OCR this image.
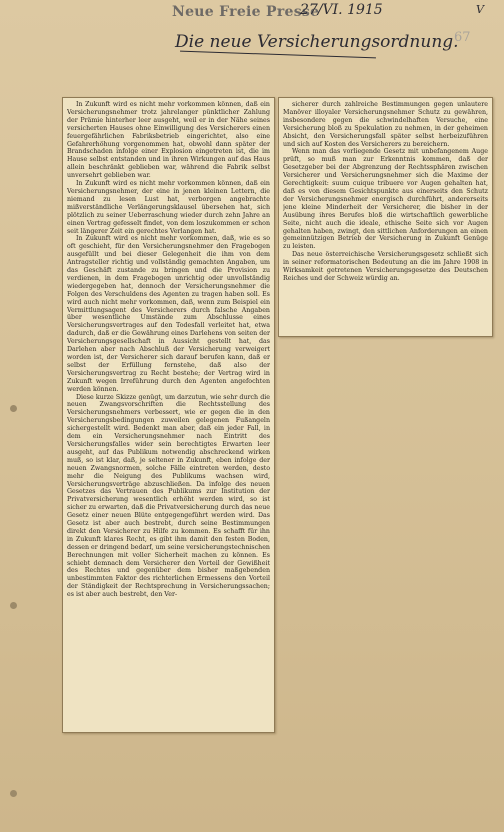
Neue Freie Presse
27/VI. 1915	V
67
Die neue Versicherungsordnung.

In Zukunft wird es nicht mehr vorkommen können, daß ein Versicherungsnehmer trotz jahrelanger pünktlicher Zahlung der Prämie hinterher leer ausgeht, weil er in der Nähe seines versicherten Hauses ohne Einwilligung des Versicherers einen feuergefährlichen Fabriksbetrieb eingerichtet, also eine Gefahrerhöhung vorgenommen hat, obwohl dann später der Brandschaden infolge einer Explosion eingetreten ist, die im Hause selbst entstanden und in ihren Wirkungen auf das Haus allein beschränkt geblieben war, während die Fabrik selbst unversehrt geblieben war.

In Zukunft wird es nicht mehr vorkommen können, daß ein Versicherungsnehmer, der eine in jenen kleinen Lettern, die niemand zu lesen Lust hat, verborgen angebrachte mißverständliche Verlängerungsklausel übersehen hat, sich plötzlich zu seiner Ueberraschung wieder durch zehn Jahre an einen Vertrag gefesselt findet, von dem loszukommen er schon seit längerer Zeit ein gerechtes Verlangen hat.

In Zukunft wird es nicht mehr vorkommen, daß, wie es so oft geschieht, für den Versicherungsnehmer den Fragebogen ausgefüllt und bei dieser Gelegenheit die ihm von dem Antragsteller richtig und vollständig gemachten Angaben, um das Geschäft zustande zu bringen und die Provision zu verdienen, in dem Fragebogen unrichtig oder unvollständig wiedergegeben hat, dennoch der Versicherungsnehmer die Folgen des Verschuldens des Agenten zu tragen haben soll. Es wird auch nicht mehr vorkommen, daß, wenn zum Beispiel ein Vermittlungsagent des Versicherers durch falsche Angaben über wesentliche Umstände zum Abschlusse eines Versicherungsvertrages auf den Todesfall verleitet hat, etwa dadurch, daß er die Gewährung eines Darlehens von seiten der Versicherungsgesellschaft in Aussicht gestellt hat, das Darlehen aber nach Abschluß der Versicherung verweigert worden ist, der Versicherer sich darauf berufen kann, daß er selbst der Erfüllung fernstehe, daß also der Versicherungsvertrag zu Recht bestehe; der Vertrag wird in Zukunft wegen Irreführung durch den Agenten angefochten werden können.

Diese kurze Skizze genügt, um darzutun, wie sehr durch die neuen Zwangsvorschriften die Rechtsstellung des Versicherungsnehmers verbessert, wie er gegen die in den Versicherungsbedingungen zuweilen gelegenen Fußangeln sichergestellt wird. Bedenkt man aber, daß ein jeder Fall, in dem ein Versicherungsnehmer nach Eintritt des Versicherungsfalles wider sein berechtigtes Erwarten leer ausgeht, auf das Publikum notwendig abschreckend wirken muß, so ist klar, daß, je seltener in Zukunft, eben infolge der neuen Zwangsnormen, solche Fälle eintreten werden, desto mehr die Neigung des Publikums wachsen wird, Versicherungsverträge abzuschließen. Da infolge des neuen Gesetzes das Vertrauen des Publikums zur Institution der Privatversicherung wesentlich erhöht werden wird, so ist sicher zu erwarten, daß die Privatversicherung durch das neue Gesetz einer neuen Blüte entgegengeführt werden wird. Das Gesetz ist aber auch bestrebt, durch seine Bestimmungen direkt den Versicherer zu Hilfe zu kommen. Es schafft für ihn in Zukunft klares Recht, es gibt ihm damit den festen Boden, dessen er dringend bedarf, um seine versicherungstechnischen Berechnungen mit voller Sicherheit machen zu können. Es schiebt demnach dem Versicherer den Vorteil der Gewißheit des Rechtes und gegenüber dem bisher maßgebenden unbestimmten Faktor des richterlichen Ermessens den Vorteil der Ständigkeit der Rechtsprechung in Versicherungssachen; es ist aber auch bestrebt, den Ver-

sicherer durch zahlreiche Bestimmungen gegen unlautere Manöver illoyaler Versicherungsnehmer Schutz zu gewähren, insbesondere gegen die schwindelhaften Versuche, eine Versicherung bloß zu Spekulation zu nehmen, in der geheimen Absicht, den Versicherungsfall später selbst herbeizuführen und sich auf Kosten des Versicherers zu bereichern.

Wenn man das vorliegende Gesetz mit unbefangenem Auge prüft, so muß man zur Erkenntnis kommen, daß der Gesetzgeber bei der Abgrenzung der Rechtssphären zwischen Versicherer und Versicherungsnehmer sich die Maxime der Gerechtigkeit: suum cuique tribuere vor Augen gehalten hat, daß es von diesem Gesichtspunkte aus einerseits den Schutz der Versicherungsnehmer energisch durchführt, andererseits jene kleine Minderheit der Versicherer, die bisher in der Ausübung ihres Berufes bloß die wirtschaftlich gewerbliche Seite, nicht auch die ideale, ethische Seite sich vor Augen gehalten haben, zwingt, den sittlichen Anforderungen an einen gemeinnützigen Betrieb der Versicherung in Zukunft Genüge zu leisten.

Das neue österreichische Versicherungsgesetz schließt sich in seiner reformatorischen Bedeutung an die im Jahre 1908 in Wirksamkeit getretenen Versicherungsgesetze des Deutschen Reiches und der Schweiz würdig an.
